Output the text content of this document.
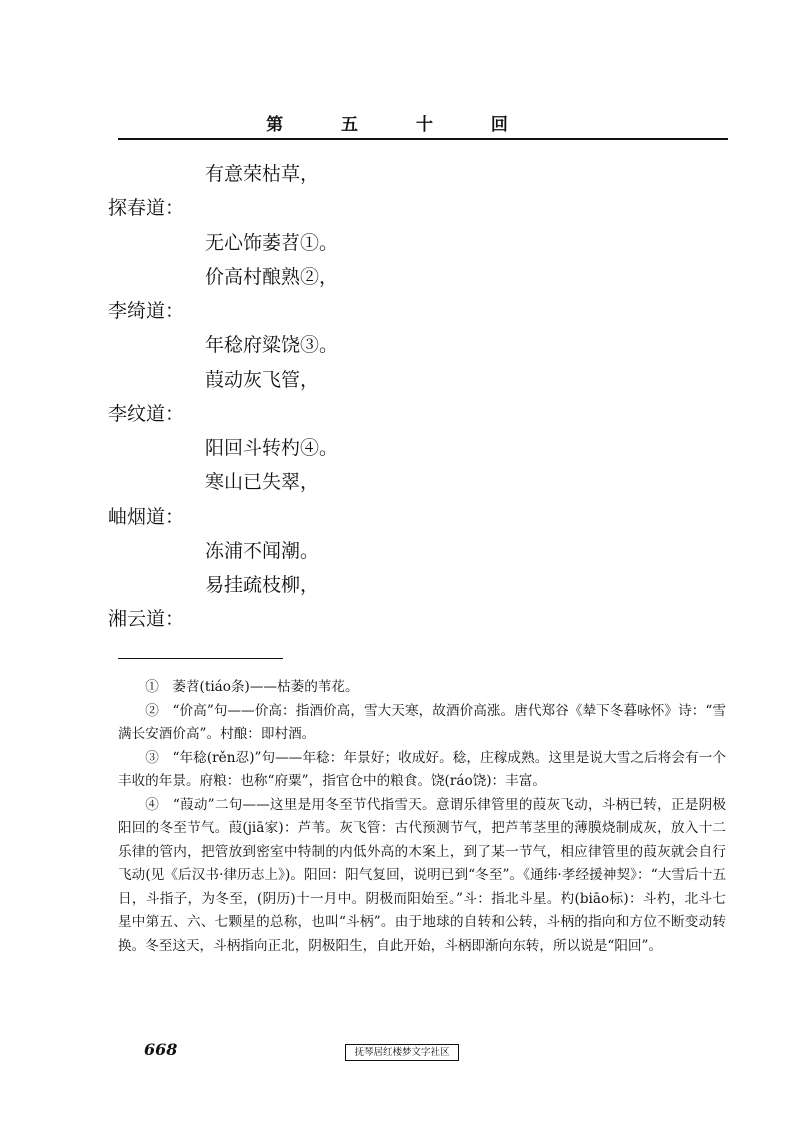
第 五 十 回
有意荣枯草，
探春道：
无心饰萎苕①。
价高村酿熟②，
李绮道：
年稔府粱饶③。
葭动灰飞管，
李纹道：
阳回斗转杓④。
寒山已失翠，
岫烟道：
冻浦不闻潮。
易挂疏枝柳，
湘云道：

①　萎苕(tiáo条)——枯萎的苇花。

②　“价高”句——价高：指酒价高，雪大天寒，故酒价高涨。唐代郑谷《辇下冬暮咏怀》诗：“雪满长安酒价高”。村酿：即村酒。

③　“年稔(rěn忍)”句——年稔：年景好；收成好。稔，庄稼成熟。这里是说大雪之后将会有一个丰收的年景。府粮：也称“府粟”，指官仓中的粮食。饶(ráo饶)：丰富。

④　“葭动”二句——这里是用冬至节代指雪天。意谓乐律管里的葭灰飞动，斗柄已转，正是阴极阳回的冬至节气。葭(jiā家)：芦苇。灰飞管：古代预测节气，把芦苇茎里的薄膜烧制成灰，放入十二乐律的管内，把管放到密室中特制的内低外高的木案上，到了某一节气，相应律管里的葭灰就会自行飞动(见《后汉书·律历志上》)。阳回：阳气复回，说明已到“冬至”。《通纬·孝经援神契》：“大雪后十五日，斗指子，为冬至，(阴历)十一月中。阴极而阳始至。”斗：指北斗星。杓(biāo标)：斗杓，北斗七星中第五、六、七颗星的总称，也叫“斗柄”。由于地球的自转和公转，斗柄的指向和方位不断变动转换。冬至这天，斗柄指向正北，阴极阳生，自此开始，斗柄即渐向东转，所以说是“阳回”。

668	抚琴居红楼梦文字社区
